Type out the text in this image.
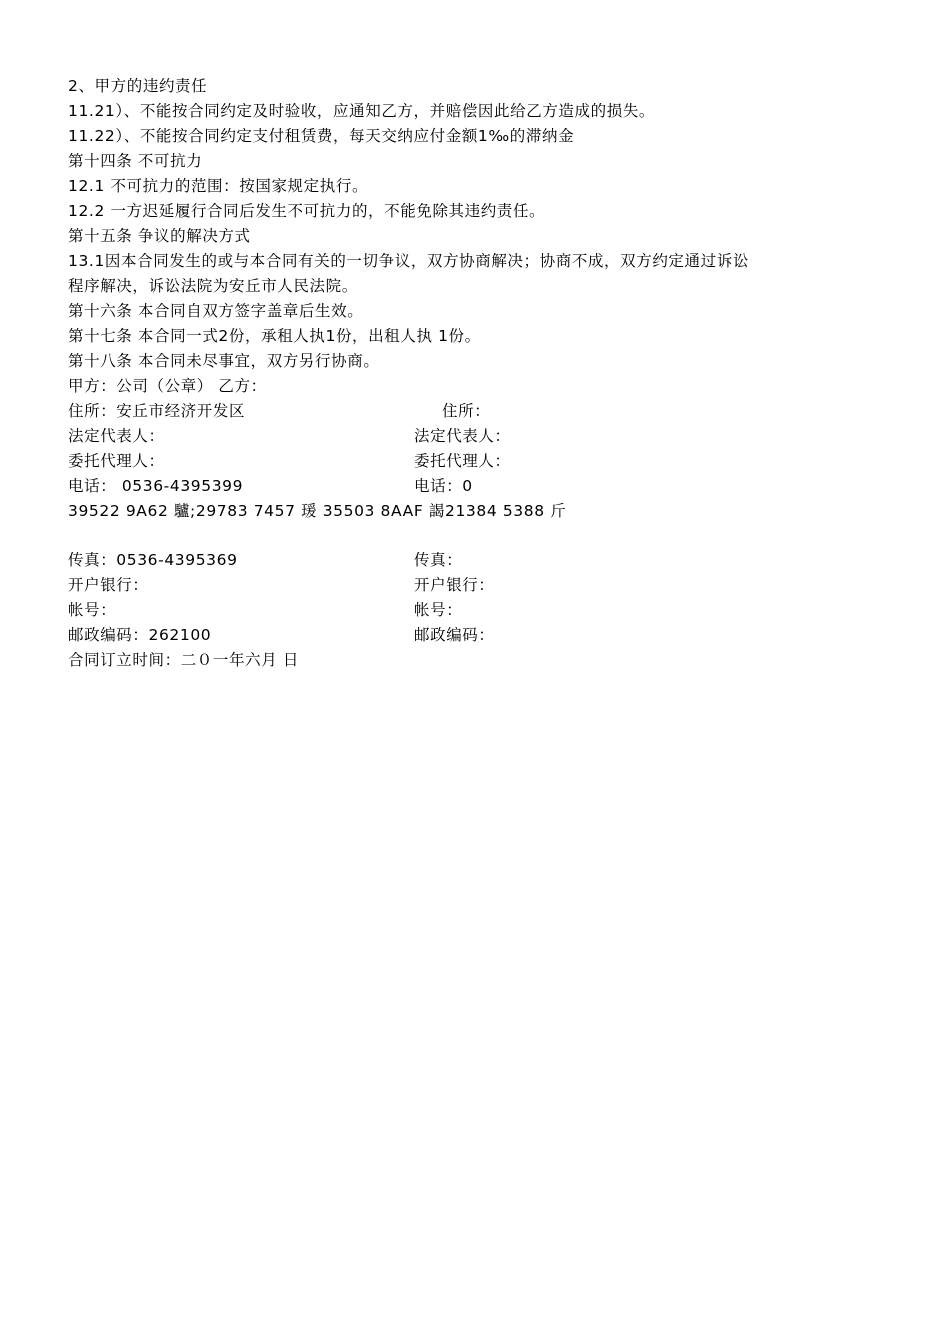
2、甲方的违约责任
11.21）、不能按合同约定及时验收，应通知乙方，并赔偿因此给乙方造成的损失。
11.22）、不能按合同约定支付租赁费，每天交纳应付金额1‰的滞纳金
第十四条 不可抗力
12.1 不可抗力的范围：按国家规定执行。
12.2 一方迟延履行合同后发生不可抗力的，不能免除其违约责任。
第十五条 争议的解决方式
13.1因本合同发生的或与本合同有关的一切争议，双方协商解决；协商不成，双方约定通过诉讼
程序解决，诉讼法院为安丘市人民法院。
第十六条 本合同自双方签字盖章后生效。
第十七条 本合同一式2份，承租人执1份，出租人执 1份。
第十八条 本合同未尽事宜，双方另行协商。
甲方：公司（公章） 乙方：
住所：安丘市经济开发区	住所：
法定代表人：	法定代表人：
委托代理人：	委托代理人：
电话： 0536-4395399	电话：0
39522 9A62 驢;29783 7457 瑗 35503 8AAF 謁21384 5388 斤
传真：0536-4395369	传真：
开户银行：	开户银行：
帐号：	帐号：
邮政编码：262100	邮政编码：
合同订立时间：二０一年六月 日
